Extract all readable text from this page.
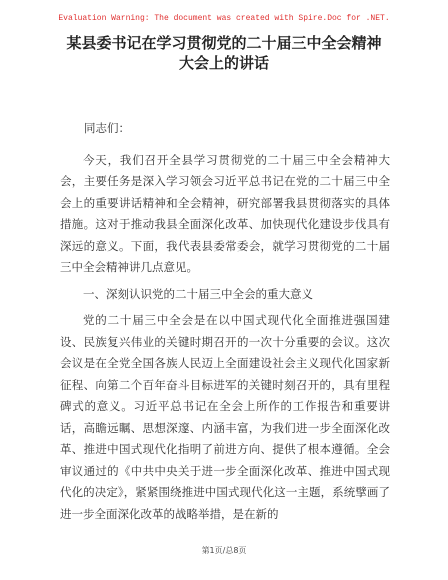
Evaluation Warning: The document was created with Spire.Doc for .NET.
某县委书记在学习贯彻党的二十届三中全会精神大会上的讲话

同志们：

今天，我们召开全县学习贯彻党的二十届三中全会精神大会，主要任务是深入学习领会习近平总书记在党的二十届三中全会上的重要讲话精神和全会精神，研究部署我县贯彻落实的具体措施。这对于推动我县全面深化改革、加快现代化建设步伐具有深远的意义。下面，我代表县委常委会，就学习贯彻党的二十届三中全会精神讲几点意见。

一、深刻认识党的二十届三中全会的重大意义

党的二十届三中全会是在以中国式现代化全面推进强国建设、民族复兴伟业的关键时期召开的一次十分重要的会议。这次会议是在全党全国各族人民迈上全面建设社会主义现代化国家新征程、向第二个百年奋斗目标进军的关键时刻召开的，具有里程碑式的意义。习近平总书记在全会上所作的工作报告和重要讲话，高瞻远瞩、思想深邃、内涵丰富，为我们进一步全面深化改革、推进中国式现代化指明了前进方向、提供了根本遵循。全会审议通过的《中共中央关于进一步全面深化改革、推进中国式现代化的决定》，紧紧围绕推进中国式现代化这一主题，系统擘画了进一步全面深化改革的战略举措，是在新的

第1页/总8页
